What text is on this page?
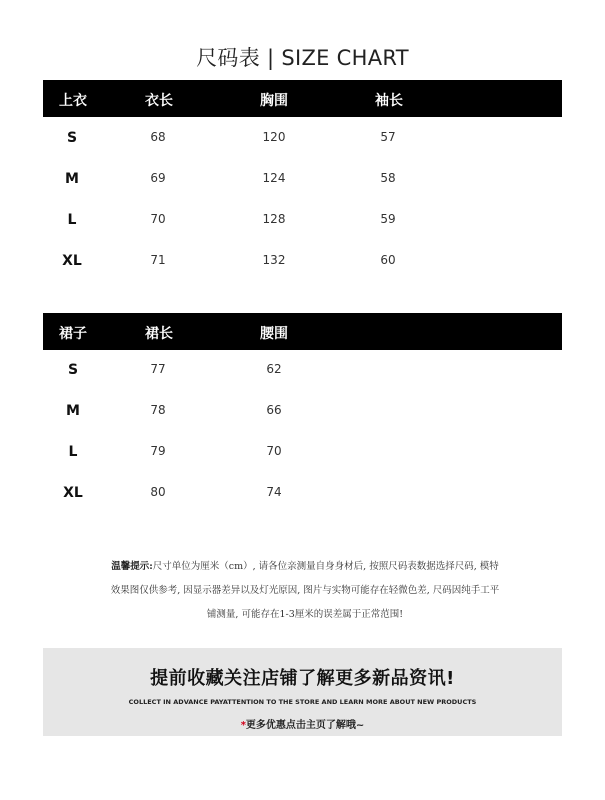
尺码表 | SIZE CHART
上衣	衣长	胸围	袖长
S	68	120	57
M	69	124	58
L	70	128	59
XL	71	132	60
裙子	裙长	腰围
S	77	62
M	78	66
L	79	70
XL	80	74
温馨提示:尺寸单位为厘米（cm）, 请各位亲测量自身身材后, 按照尺码表数据选择尺码, 模特
效果图仅供参考, 因显示器差异以及灯光原因, 图片与实物可能存在轻微色差, 尺码因纯手工平
铺测量, 可能存在1-3厘米的误差属于正常范围!
提前收藏关注店铺了解更多新品资讯!
COLLECT IN ADVANCE PAYATTENTION TO THE STORE AND LEARN MORE ABOUT NEW PRODUCTS
*更多优惠点击主页了解哦~
